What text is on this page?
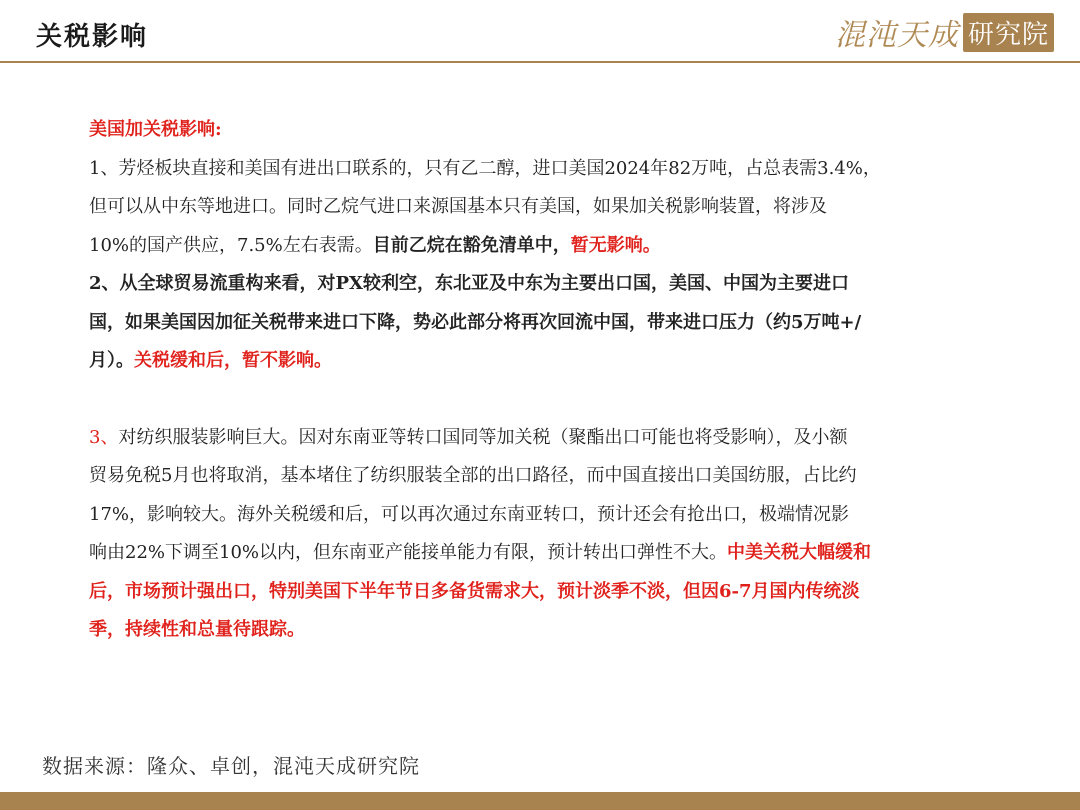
关税影响	混沌天成 研究院

美国加关税影响:

1、芳烃板块直接和美国有进出口联系的，只有乙二醇，进口美国2024年82万吨，占总表需3.4%，

但可以从中东等地进口。同时乙烷气进口来源国基本只有美国，如果加关税影响装置，将涉及

10%的国产供应，7.5%左右表需。目前乙烷在豁免清单中，暂无影响。

2、从全球贸易流重构来看，对PX较利空，东北亚及中东为主要出口国，美国、中国为主要进口

国，如果美国因加征关税带来进口下降，势必此部分将再次回流中国，带来进口压力（约5万吨+/

月）。关税缓和后，暂不影响。

3、对纺织服装影响巨大。因对东南亚等转口国同等加关税（聚酯出口可能也将受影响），及小额

贸易免税5月也将取消，基本堵住了纺织服装全部的出口路径，而中国直接出口美国纺服，占比约

17%，影响较大。海外关税缓和后，可以再次通过东南亚转口，预计还会有抢出口，极端情况影

响由22%下调至10%以内，但东南亚产能接单能力有限，预计转出口弹性不大。中美关税大幅缓和

后，市场预计强出口，特别美国下半年节日多备货需求大，预计淡季不淡，但因6-7月国内传统淡

季，持续性和总量待跟踪。

数据来源：隆众、卓创，混沌天成研究院
